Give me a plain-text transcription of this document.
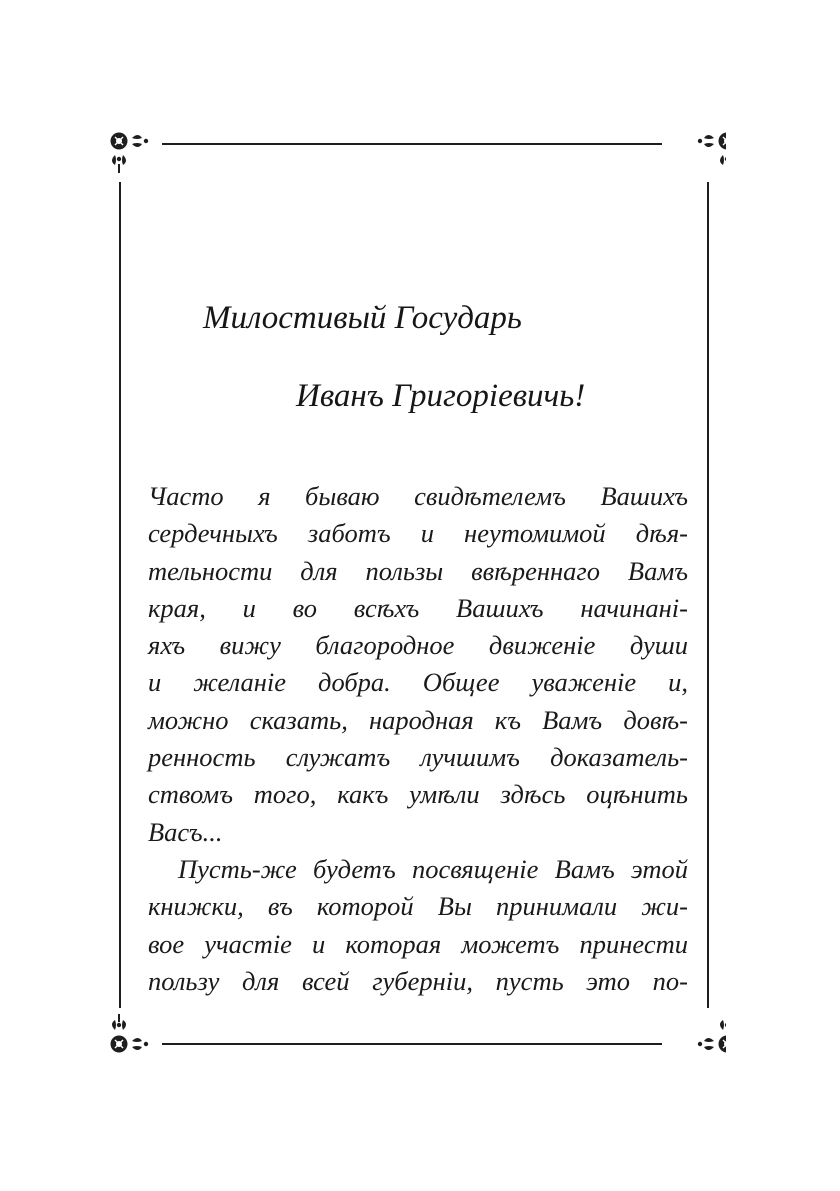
Милостивый Государь
Иванъ Григоріевичь!
Часто я бываю свидѣтелемъ Вашихъ
сердечныхъ заботъ и неутомимой дѣя-
тельности для пользы ввѣреннаго Вамъ
края, и во всѣхъ Вашихъ начинані-
яхъ вижу благородное движеніе души
и желаніе добра. Общее уваженіе и,
можно сказать, народная къ Вамъ довѣ-
ренность служатъ лучшимъ доказатель-
ствомъ того, какъ умѣли здѣсь оцѣнить
Васъ...
Пусть-же будетъ посвященіе Вамъ этой
книжки, въ которой Вы принимали жи-
вое участіе и которая можетъ принести
пользу для всей губерніи, пусть это по-
